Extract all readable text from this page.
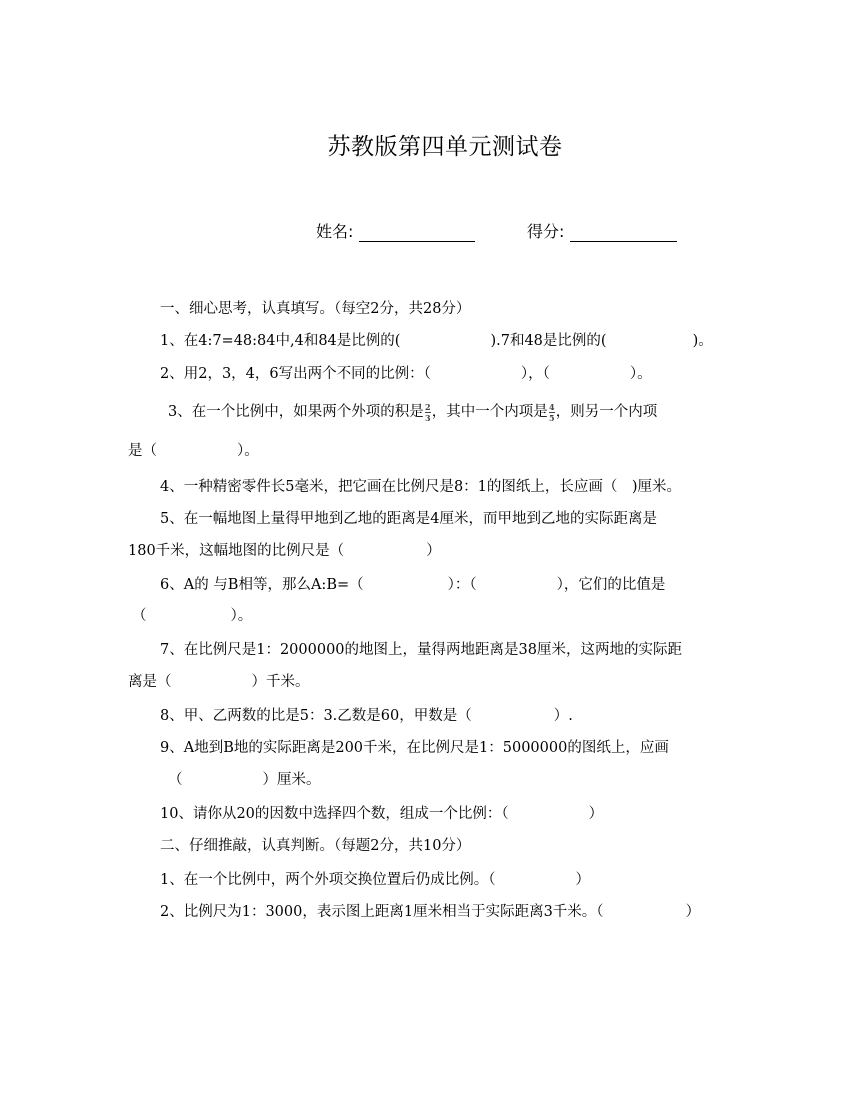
苏教版第四单元测试卷
姓名:	得分:
一、细心思考，认真填写。（每空2分，共28分）
1、在4:7=48:84中,4和84是比例的(	).7和48是比例的(	)。
2、用2，3，4，6写出两个不同的比例：（	），（	）。
3、在一个比例中，如果两个外项的积是 $\frac{2}{3}$ ，其中一个内项是 $\frac{4}{5}$ ，则另一个内项
是（	）。
4、一种精密零件长5毫米，把它画在比例尺是8：1的图纸上，长应画（　)厘米。
5、在一幅地图上量得甲地到乙地的距离是4厘米，而甲地到乙地的实际距离是
180千米，这幅地图的比例尺是（	）
6、A的 与B相等，那么A:B=（	）：（	），它们的比值是
（	）。
7、在比例尺是1：2000000的地图上，量得两地距离是38厘米，这两地的实际距
离是（	）千米。
8、甲、乙两数的比是5：3.乙数是60，甲数是（	）.
9、A地到B地的实际距离是200千米，在比例尺是1：5000000的图纸上，应画
（	）厘米。
10、请你从20的因数中选择四个数，组成一个比例：（	）
二、仔细推敲，认真判断。（每题2分，共10分）
1、在一个比例中，两个外项交换位置后仍成比例。（	）
2、比例尺为1：3000，表示图上距离1厘米相当于实际距离3千米。（	）
